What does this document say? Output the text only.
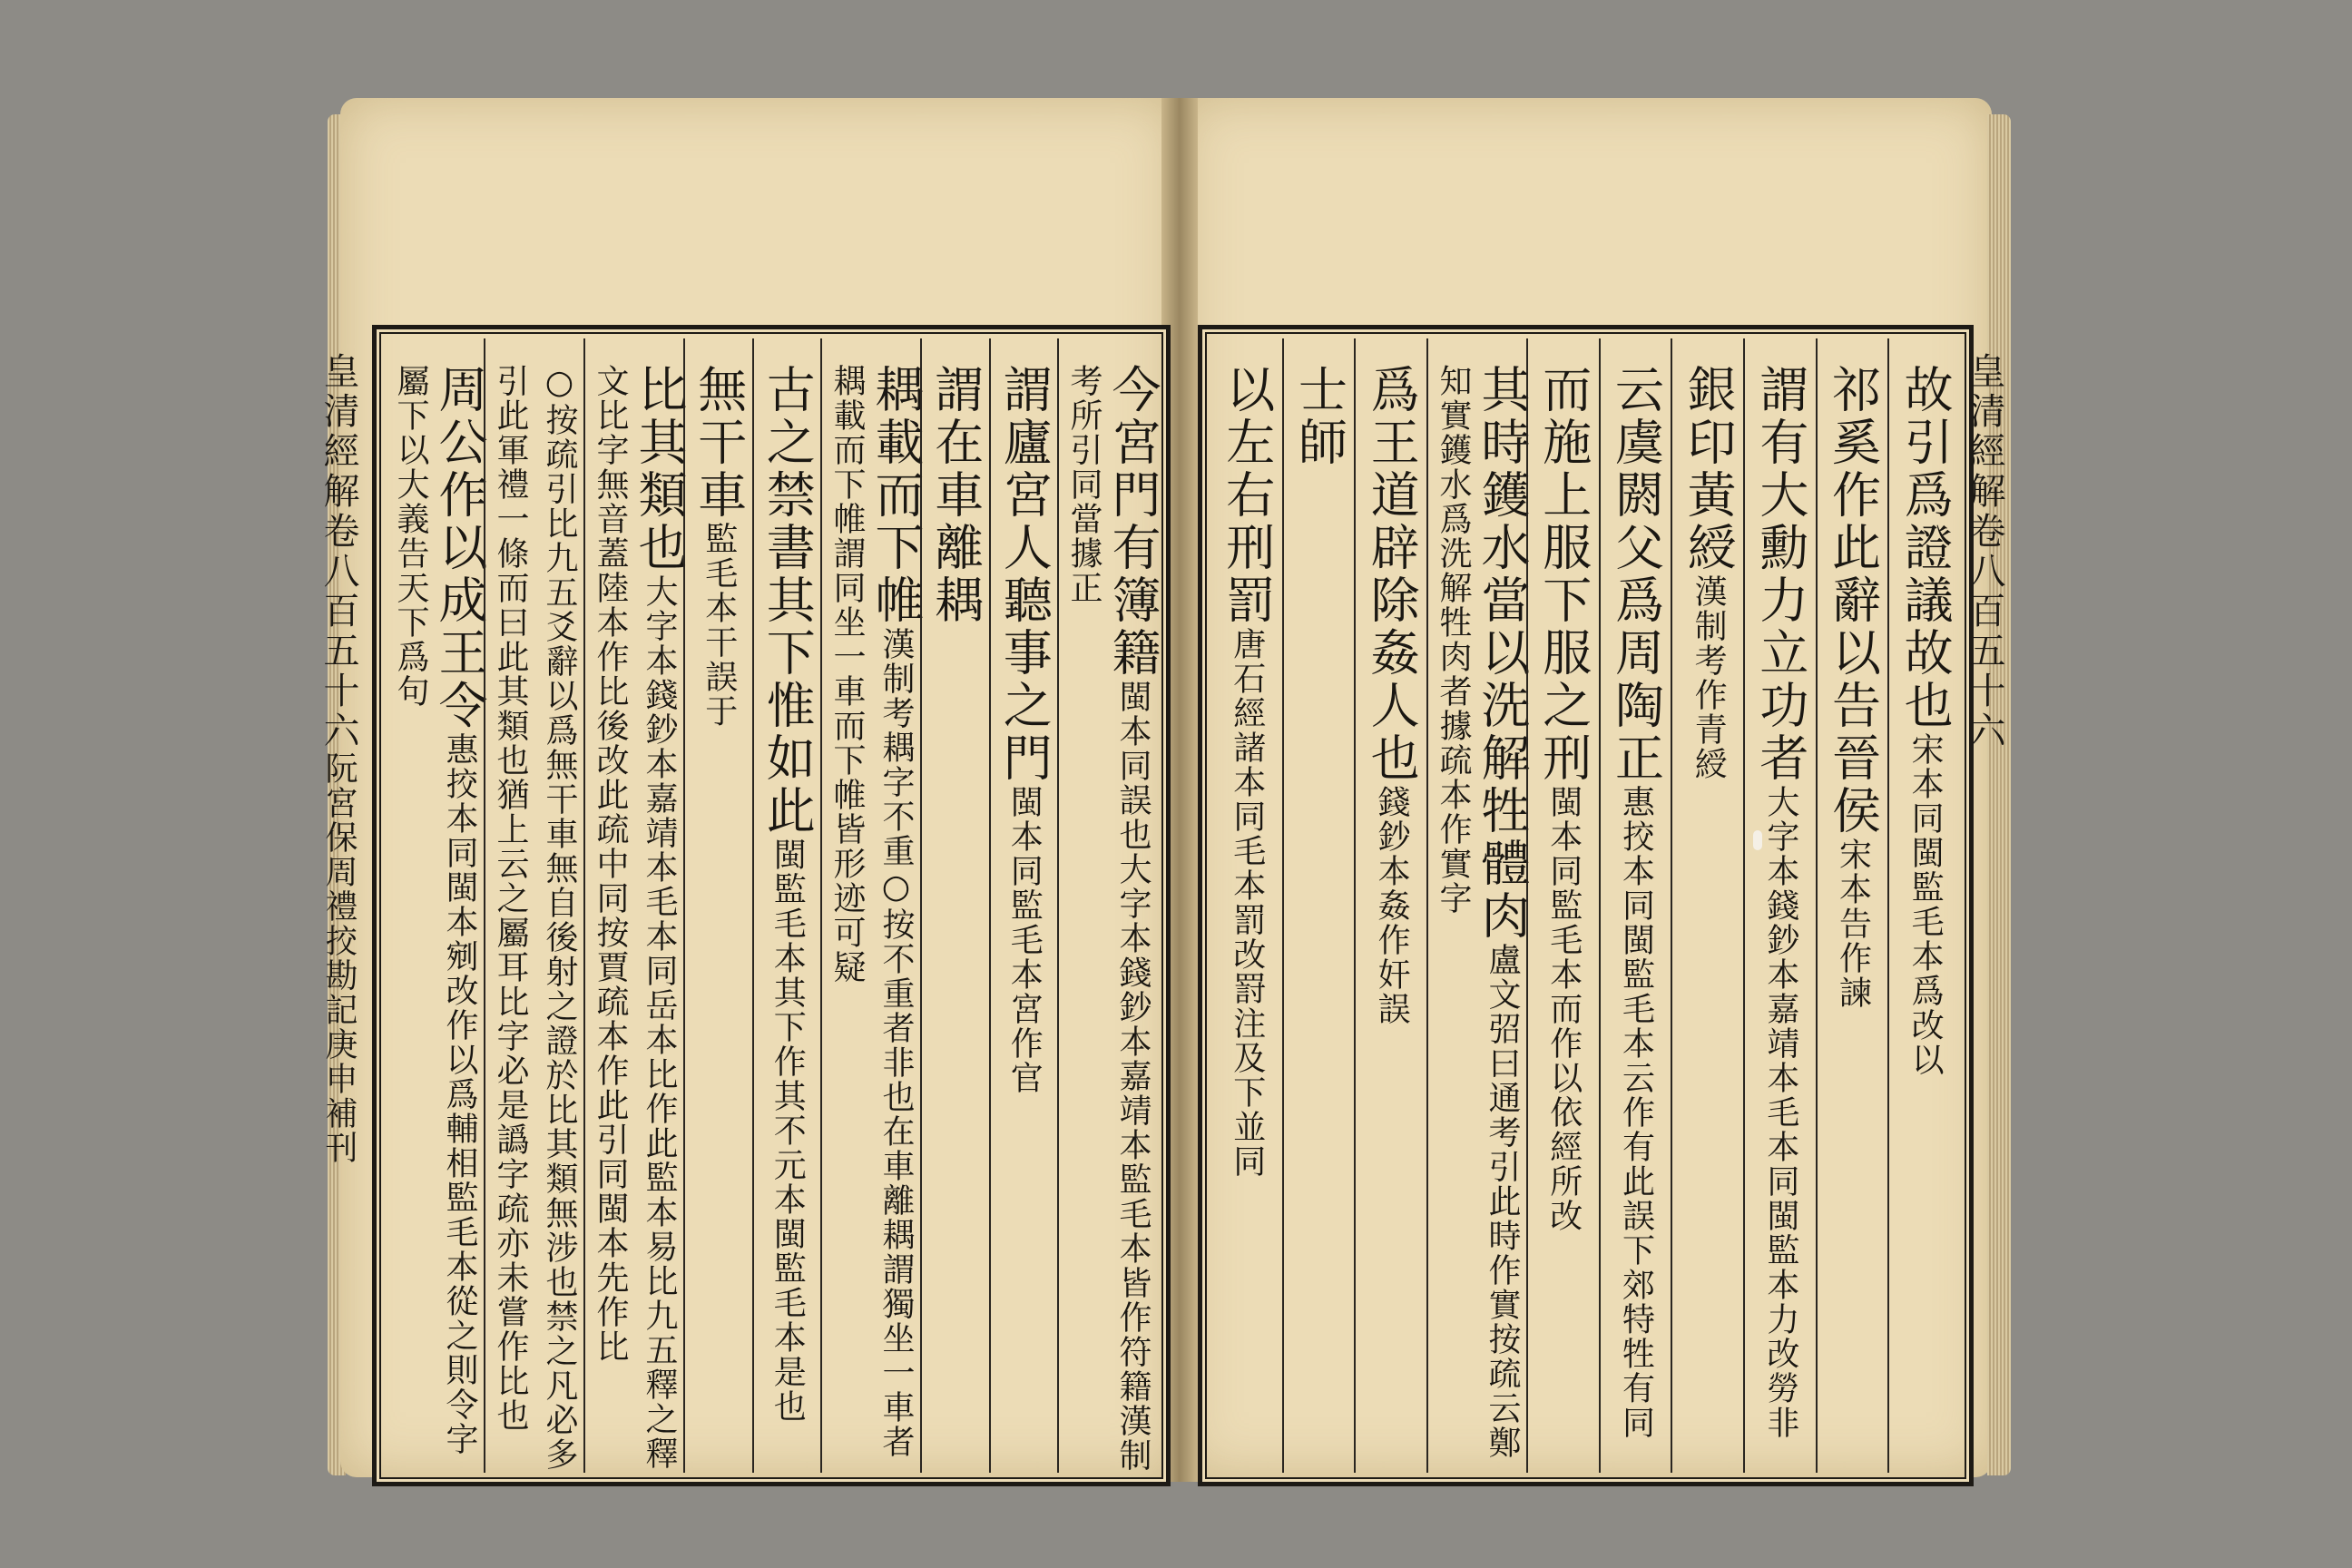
皇清經解卷八百五十六阮宮保周禮挍勘記庚申補刊
今宮門有簿籍閩本同誤也大字本錢鈔本嘉靖本監毛本皆作符籍漢制考所引同當據正
謂廬宮人聽事之門閩本同監毛本宮作官
謂在車離耦
耦載而下帷漢制考耦字不重○按不重者非也在車離耦謂獨坐一車者耦載而下帷謂同坐一車而下帷皆形迹可疑
古之禁書其下惟如此閩監毛本其下作其不元本閩監毛本是也
無干車監毛本干誤于
比其類也大字本錢鈔本嘉靖本毛本同岳本比作此監本易比九五釋之釋文比字無音蓋陸本作比後改此疏中同按賈疏本作此引同閩本先作比
○按疏引比九五爻辭以爲無干車無自後射之證於比其類無涉也禁之凡必多引此軍禮一條而曰此其類也猶上云之屬耳比字必是譌字疏亦未嘗作比也
周公作以成王令惠挍本同閩本剜改作以爲輔相監毛本從之則令字屬下以大義告天下爲句	故引爲證議故也宋本同閩監毛本爲改以
祁奚作此辭以告晉侯宋本告作諫
謂有大勳力立功者大字本錢鈔本嘉靖本毛本同閩監本力改勞非
銀印黃綬漢制考作青綬
云虞閼父爲周陶正惠挍本同閩監毛本云作有此誤下郊特牲有同
而施上服下服之刑閩本同監毛本而作以依經所改
其時鑊水當以洗解牲體肉盧文弨曰通考引此時作實按疏云鄭知實鑊水爲洗解牲肉者據疏本作實字
爲王道辟除姦人也錢鈔本姦作奸誤
士師
以左右刑罰唐石經諸本同毛本罰改罸注及下並同
皇清經解卷八百五十六
